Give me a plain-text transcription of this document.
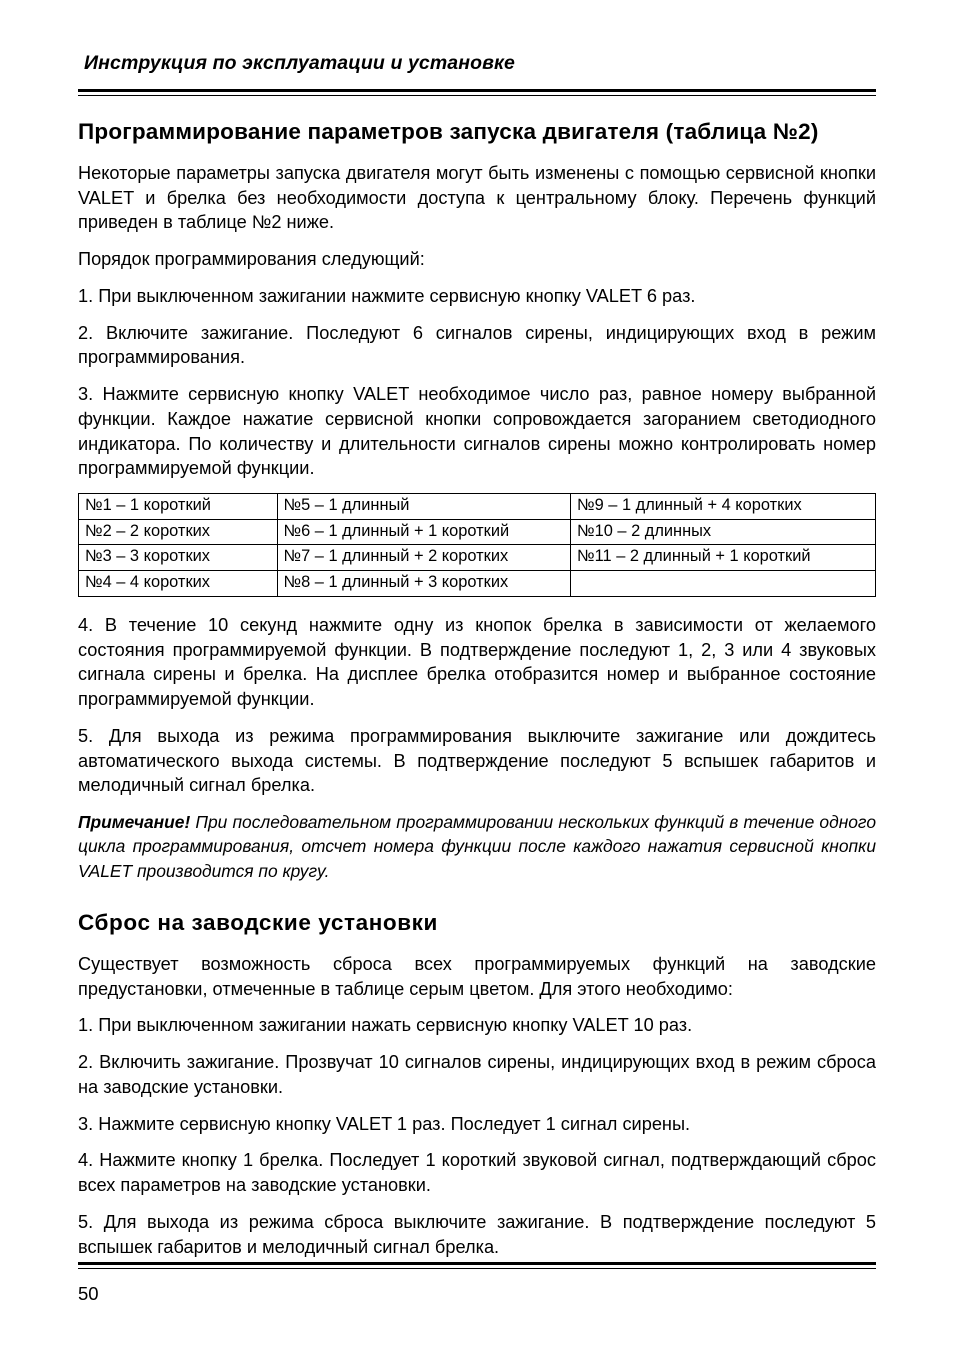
Инструкция по эксплуатации и установке
Программирование параметров запуска двигателя (таблица №2)

Некоторые параметры запуска двигателя могут быть изменены с помощью сервисной кнопки VALET и брелка без необходимости доступа к центральному блоку. Перечень функций приведен в таблице №2 ниже.

Порядок программирования следующий:

1. При выключенном зажигании нажмите сервисную кнопку VALET 6 раз.

2. Включите зажигание. Последуют 6 сигналов сирены, индицирующих вход в режим программирования.

3. Нажмите сервисную кнопку VALET необходимое число раз, равное номеру выбранной функции. Каждое нажатие сервисной кнопки сопровождается загоранием светодиодного индикатора. По количеству и длительности сигналов сирены можно контролировать номер программируемой функции.

№1 – 1 короткий	№5 – 1 длинный	№9 – 1 длинный + 4 коротких
№2 – 2 коротких	№6 – 1 длинный + 1 короткий	№10 – 2 длинных
№3 – 3 коротких	№7 – 1 длинный + 2 коротких	№11 – 2 длинный + 1 короткий
№4 – 4 коротких	№8 – 1 длинный + 3 коротких	

4. В течение 10 секунд нажмите одну из кнопок брелка в зависимости от желаемого состояния программируемой функции. В подтверждение последуют 1, 2, 3 или 4 звуковых сигнала сирены и брелка. На дисплее брелка отобразится номер и выбранное состояние программируемой функции.

5. Для выхода из режима программирования выключите зажигание или дождитесь автоматического выхода системы. В подтверждение последуют 5 вспышек габаритов и мелодичный сигнал брелка.

Примечание! При последовательном программировании нескольких функций в течение одного цикла программирования, отсчет номера функции после каждого нажатия сервисной кнопки VALET производится по кругу.

Сброс на заводские установки

Существует возможность сброса всех программируемых функций на заводские предустановки, отмеченные в таблице серым цветом. Для этого необходимо:

1. При выключенном зажигании нажать сервисную кнопку VALET 10 раз.

2. Включить зажигание. Прозвучат 10 сигналов сирены, индицирующих вход в режим сброса на заводские установки.

3. Нажмите сервисную кнопку VALET 1 раз. Последует 1 сигнал сирены.

4. Нажмите кнопку 1 брелка. Последует 1 короткий звуковой сигнал, подтверждающий сброс всех параметров на заводские установки.

5. Для выхода из режима сброса выключите зажигание. В подтверждение последуют 5 вспышек габаритов и мелодичный сигнал брелка.

50
